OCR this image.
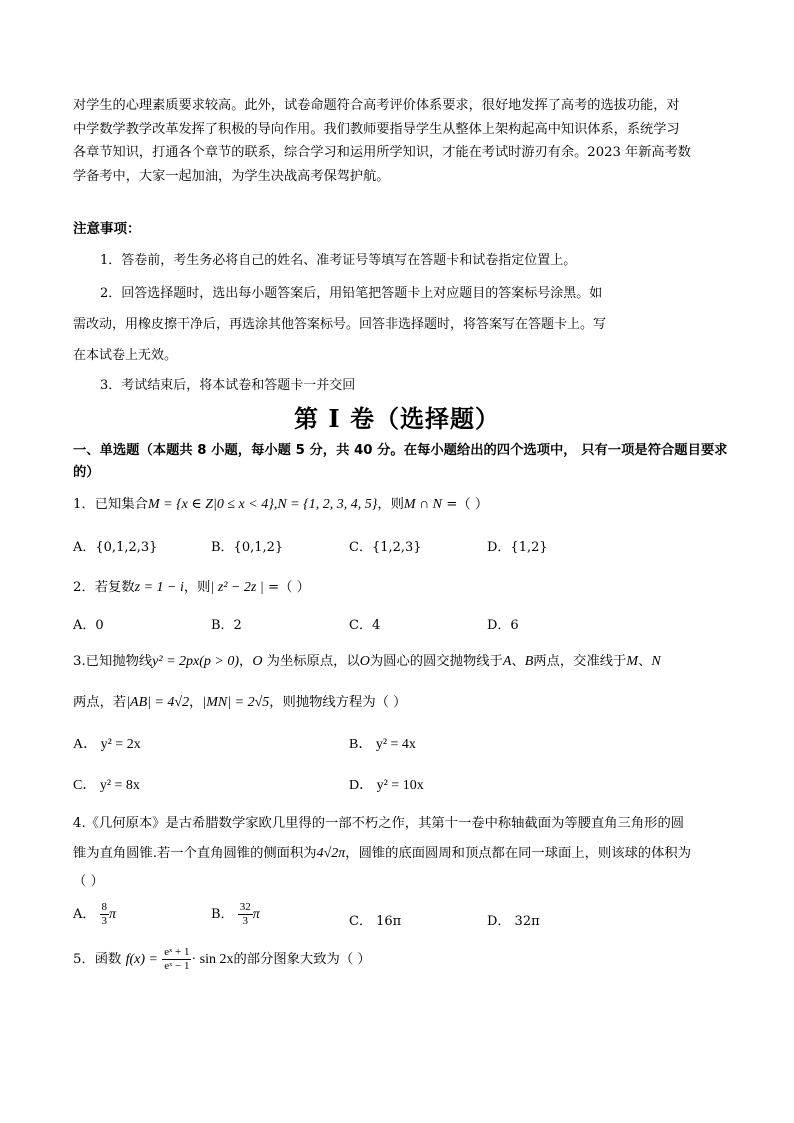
对学生的心理素质要求较高。此外，试卷命题符合高考评价体系要求，很好地发挥了高考的选拔功能，对
中学数学教学改革发挥了积极的导向作用。我们教师要指导学生从整体上架构起高中知识体系，系统学习
各章节知识，打通各个章节的联系，综合学习和运用所学知识，才能在考试时游刃有余。2023 年新高考数
学备考中，大家一起加油，为学生决战高考保驾护航。
注意事项：
1．答卷前，考生务必将自己的姓名、准考证号等填写在答题卡和试卷指定位置上。
2．回答选择题时，选出每小题答案后，用铅笔把答题卡上对应题目的答案标号涂黑。如
需改动，用橡皮擦干净后，再选涂其他答案标号。回答非选择题时，将答案写在答题卡上。写
在本试卷上无效。
3．考试结束后，将本试卷和答题卡一并交回
第 I 卷（选择题）
一、单选题（本题共 8 小题，每小题 5 分，共 40 分。在每小题给出的四个选项中， 只有一项是符合题目要求的）
1．已知集合M = {x ∈ Z|0 ≤ x < 4},N = {1, 2, 3, 4, 5}，则M ∩ N =（ ）
A．{0,1,2,3}	B．{0,1,2}	C．{1,2,3}	D．{1,2}
2．若复数z = 1 − i，则| z² − 2z | =（ ）
A．0	B．2	C．4	D．6
3.已知抛物线y² = 2px(p > 0)，O 为坐标原点，以O为圆心的圆交抛物线于A、B两点，交准线于M、N
两点，若|AB| = 4√2，|MN| = 2√5，则抛物线方程为（ ）
A． y² = 2x	B． y² = 4x
C． y² = 8x	D． y² = 10x
4.《几何原本》是古希腊数学家欧几里得的一部不朽之作，其第十一卷中称轴截面为等腰直角三角形的圆
锥为直角圆锥.若一个直角圆锥的侧面积为4√2π，圆锥的底面圆周和顶点都在同一球面上，则该球的体积为
（ ）
A． $\frac{8}{3}$ π	B． $\frac{32}{3}$ π	C． 16π	D． 32π
5．函数 $f(x) = \frac{\text{eˣ + 1}}{\text{eˣ − 1}} \cdot \sin 2x$的部分图象大致为（ ）
